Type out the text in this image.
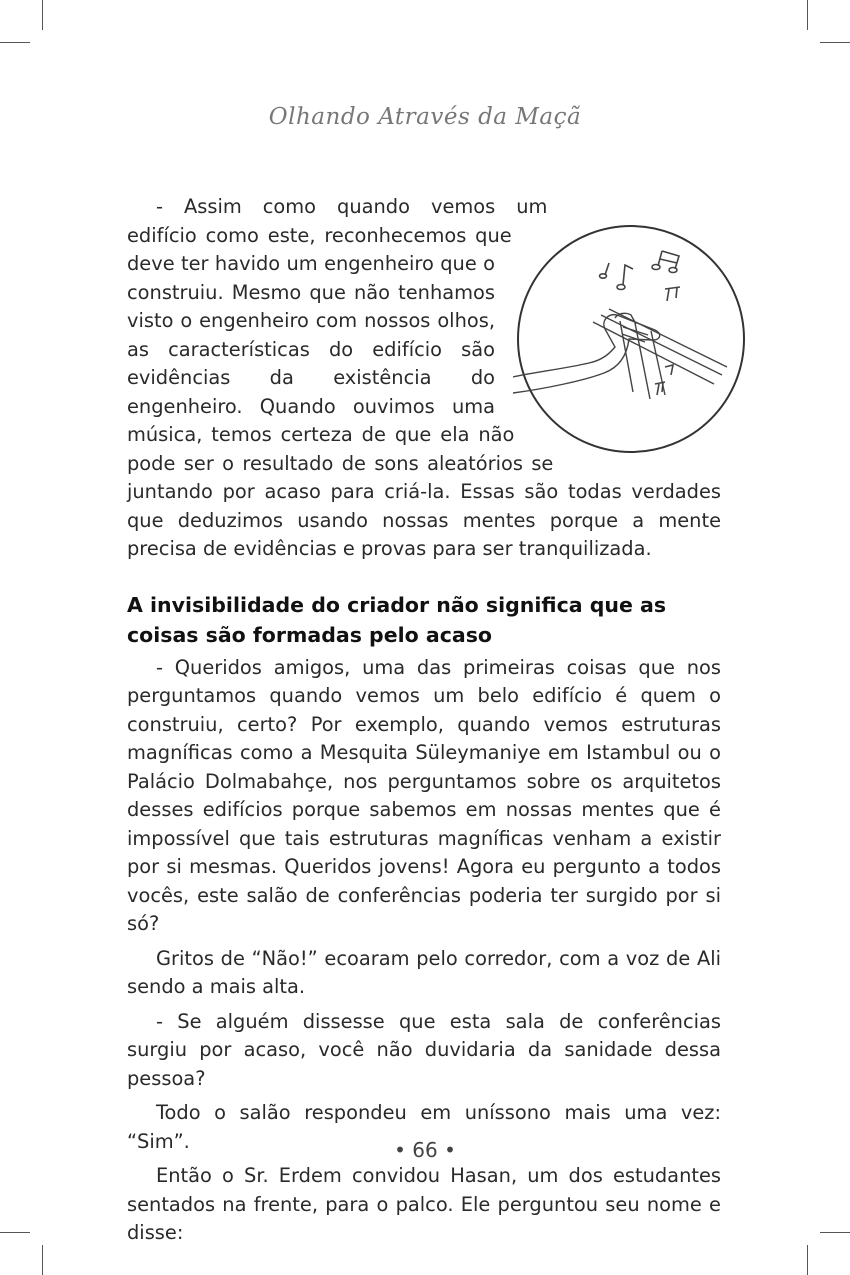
Olhando Através da Maçã

- Assim como quando vemos um edifício como este, reconhecemos que deve ter havido um engenheiro que o construiu. Mesmo que não tenhamos visto o engenheiro com nossos olhos, as características do edifício são evidências da existência do engenheiro. Quando ouvimos uma música, temos certeza de que ela não pode ser o resultado de sons aleatórios se juntando por acaso para criá-la. Essas são todas verdades que deduzimos usando nossas mentes porque a mente precisa de evidências e provas para ser tranquilizada.

A invisibilidade do criador não significa que as coisas são formadas pelo acaso

- Queridos amigos, uma das primeiras coisas que nos perguntamos quando vemos um belo edifício é quem o construiu, certo? Por exemplo, quando vemos estruturas magníficas como a Mesquita Süleymaniye em Istambul ou o Palácio Dolmabahçe, nos perguntamos sobre os arquitetos desses edifícios porque sabemos em nossas mentes que é impossível que tais estruturas magníficas venham a existir por si mesmas. Queridos jovens! Agora eu pergunto a todos vocês, este salão de conferências poderia ter surgido por si só?

Gritos de “Não!” ecoaram pelo corredor, com a voz de Ali sendo a mais alta.

- Se alguém dissesse que esta sala de conferências surgiu por acaso, você não duvidaria da sanidade dessa pessoa?

Todo o salão respondeu em uníssono mais uma vez: “Sim”.

Então o Sr. Erdem convidou Hasan, um dos estudantes sentados na frente, para o palco. Ele perguntou seu nome e disse:

• 66 •
